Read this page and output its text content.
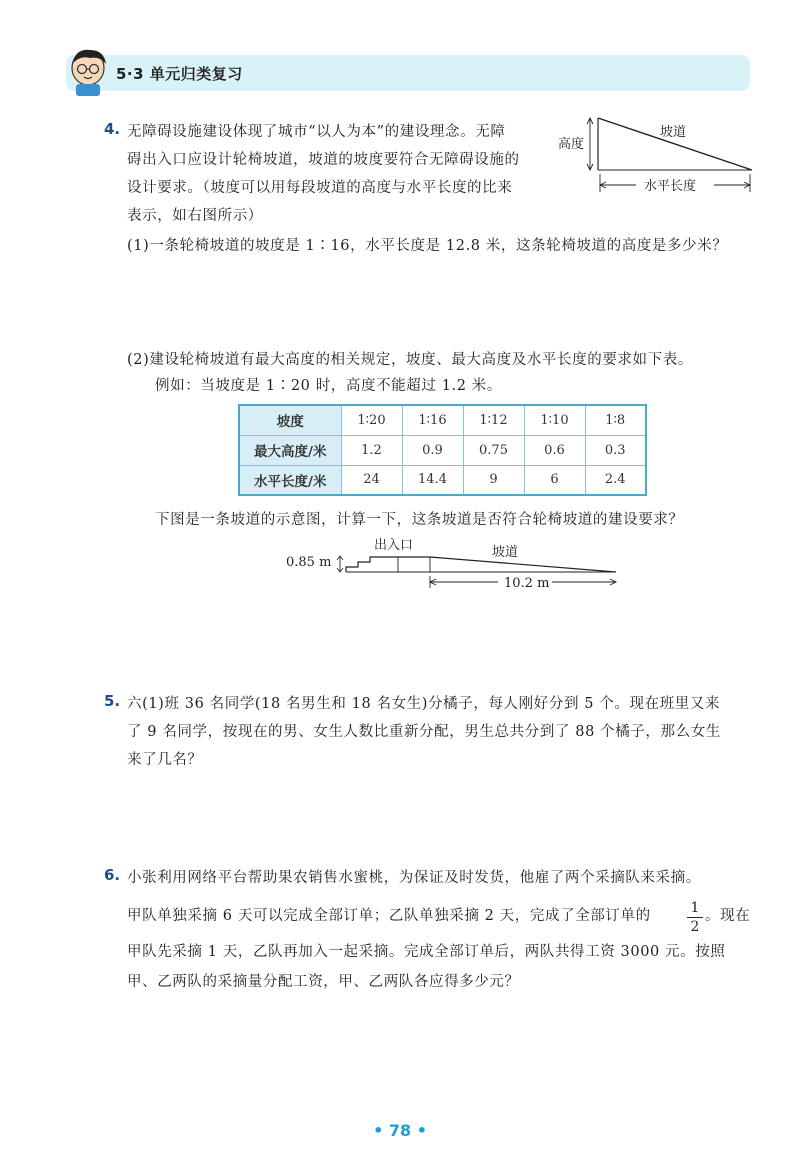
5·3 单元归类复习
4. 无障碍设施建设体现了城市“以人为本”的建设理念。无障
碍出入口应设计轮椅坡道，坡道的坡度要符合无障碍设施的
设计要求。（坡度可以用每段坡道的高度与水平长度的比来
表示，如右图所示）
高度
坡道
水平长度
(1)一条轮椅坡道的坡度是 1∶16，水平长度是 12.8 米，这条轮椅坡道的高度是多少米？
(2)建设轮椅坡道有最大高度的相关规定，坡度、最大高度及水平长度的要求如下表。
例如：当坡度是 1∶20 时，高度不能超过 1.2 米。
坡度	1∶20	1∶16	1∶12	1∶10	1∶8
最大高度/米	1.2	0.9	0.75	0.6	0.3
水平长度/米	24	14.4	9	6	2.4
下图是一条坡道的示意图，计算一下，这条坡道是否符合轮椅坡道的建设要求？
0.85 m
出入口	坡道
10.2 m
5. 六(1)班 36 名同学(18 名男生和 18 名女生)分橘子，每人刚好分到 5 个。现在班里又来
了 9 名同学，按现在的男、女生人数比重新分配，男生总共分到了 88 个橘子，那么女生
来了几名？
6. 小张利用网络平台帮助果农销售水蜜桃，为保证及时发货，他雇了两个采摘队来采摘。
甲队单独采摘 6 天可以完成全部订单；乙队单独采摘 2 天，完成了全部订单的	1
2
。现在
甲队先采摘 1 天，乙队再加入一起采摘。完成全部订单后，两队共得工资 3000 元。按照
甲、乙两队的采摘量分配工资，甲、乙两队各应得多少元？
• 78 •
